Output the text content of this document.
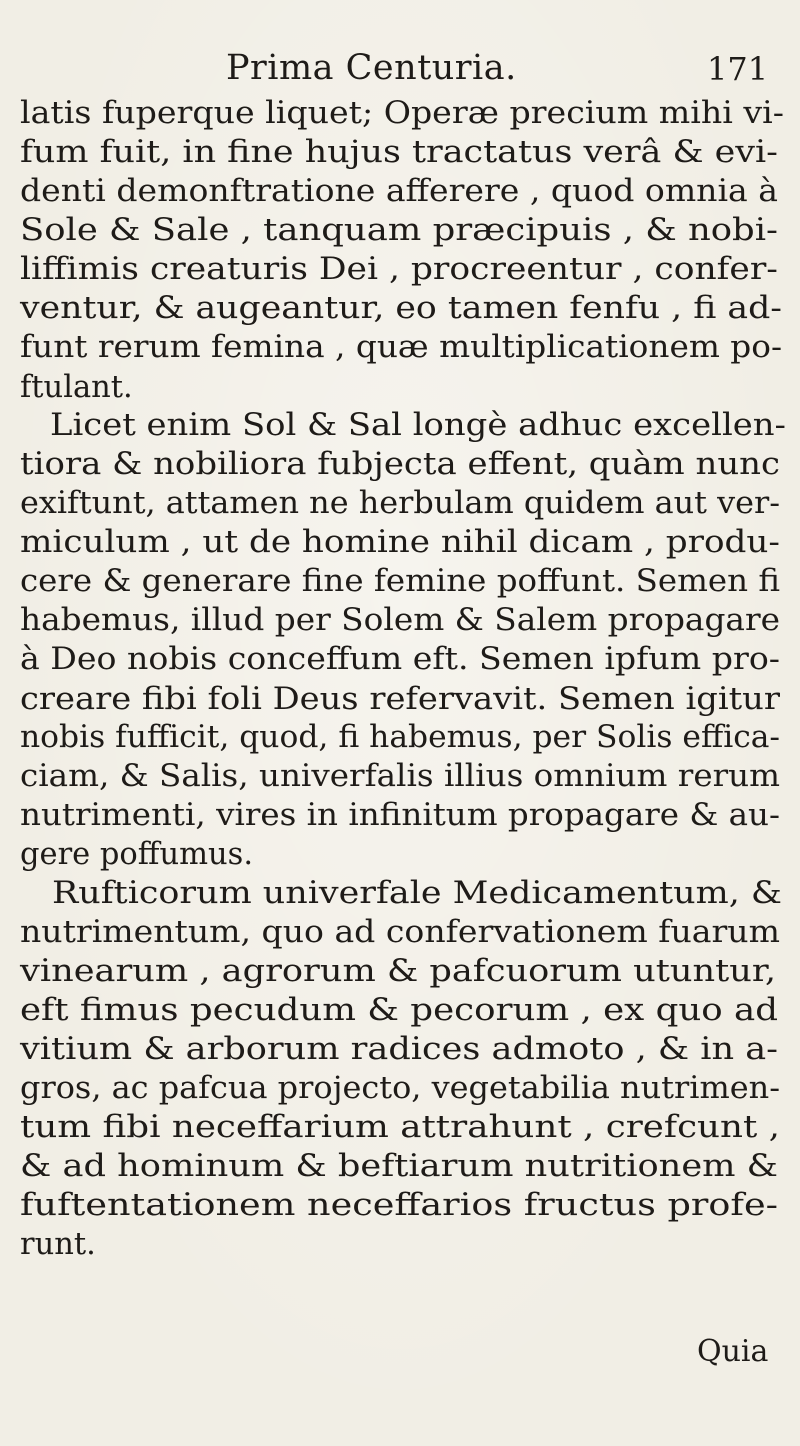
Prima Centuria.	171
latis fuperque liquet; Operæ precium mihi vi-
fum fuit, in fine hujus tractatus verâ & evi-
denti demonftratione afferere , quod omnia à
Sole & Sale , tanquam præcipuis , & nobi-
liffimis creaturis Dei , procreentur , confer-
ventur, & augeantur, eo tamen fenfu , fi ad-
funt rerum femina , quæ multiplicationem po-
ftulant.
Licet enim Sol & Sal longè adhuc excellen-
tiora & nobiliora fubjecta effent, quàm nunc
exiftunt, attamen ne herbulam quidem aut ver-
miculum , ut de homine nihil dicam , produ-
cere & generare fine femine poffunt. Semen fi
habemus, illud per Solem & Salem propagare
à Deo nobis conceffum eft. Semen ipfum pro-
creare fibi foli Deus refervavit. Semen igitur
nobis fufficit, quod, fi habemus, per Solis effica-
ciam, & Salis, univerfalis illius omnium rerum
nutrimenti, vires in infinitum propagare & au-
gere poffumus.
Rufticorum univerfale Medicamentum, &
nutrimentum, quo ad confervationem fuarum
vinearum , agrorum & pafcuorum utuntur,
eft fimus pecudum & pecorum , ex quo ad
vitium & arborum radices admoto , & in a-
gros, ac pafcua projecto, vegetabilia nutrimen-
tum fibi neceffarium attrahunt , crefcunt ,
& ad hominum & beftiarum nutritionem &
fuftentationem neceffarios fructus profe-
runt.
Quia
